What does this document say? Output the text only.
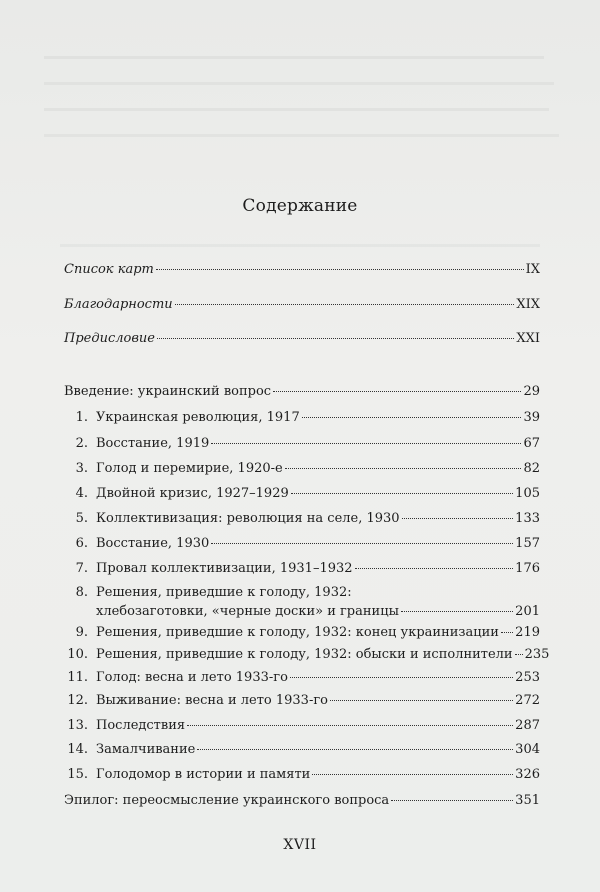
Содержание
Список карт	IX
Благодарности	XIX
Предисловие	XXI
Введение: украинский вопрос	29
1. Украинская революция, 1917	39
2. Восстание, 1919	67
3. Голод и перемирие, 1920-е	82
4. Двойной кризис, 1927–1929	105
5. Коллективизация: революция на селе, 1930	133
6. Восстание, 1930	157
7. Провал коллективизации, 1931–1932	176
8. Решения, приведшие к голоду, 1932:
хлебозаготовки, «черные доски» и границы	201
9. Решения, приведшие к голоду, 1932: конец украинизации 219
10. Решения, приведшие к голоду, 1932: обыски и исполнители 235
11. Голод: весна и лето 1933-го	253
12. Выживание: весна и лето 1933-го	272
13. Последствия	287
14. Замалчивание	304
15. Голодомор в истории и памяти	326
Эпилог: переосмысление украинского вопроса	351
XVII
